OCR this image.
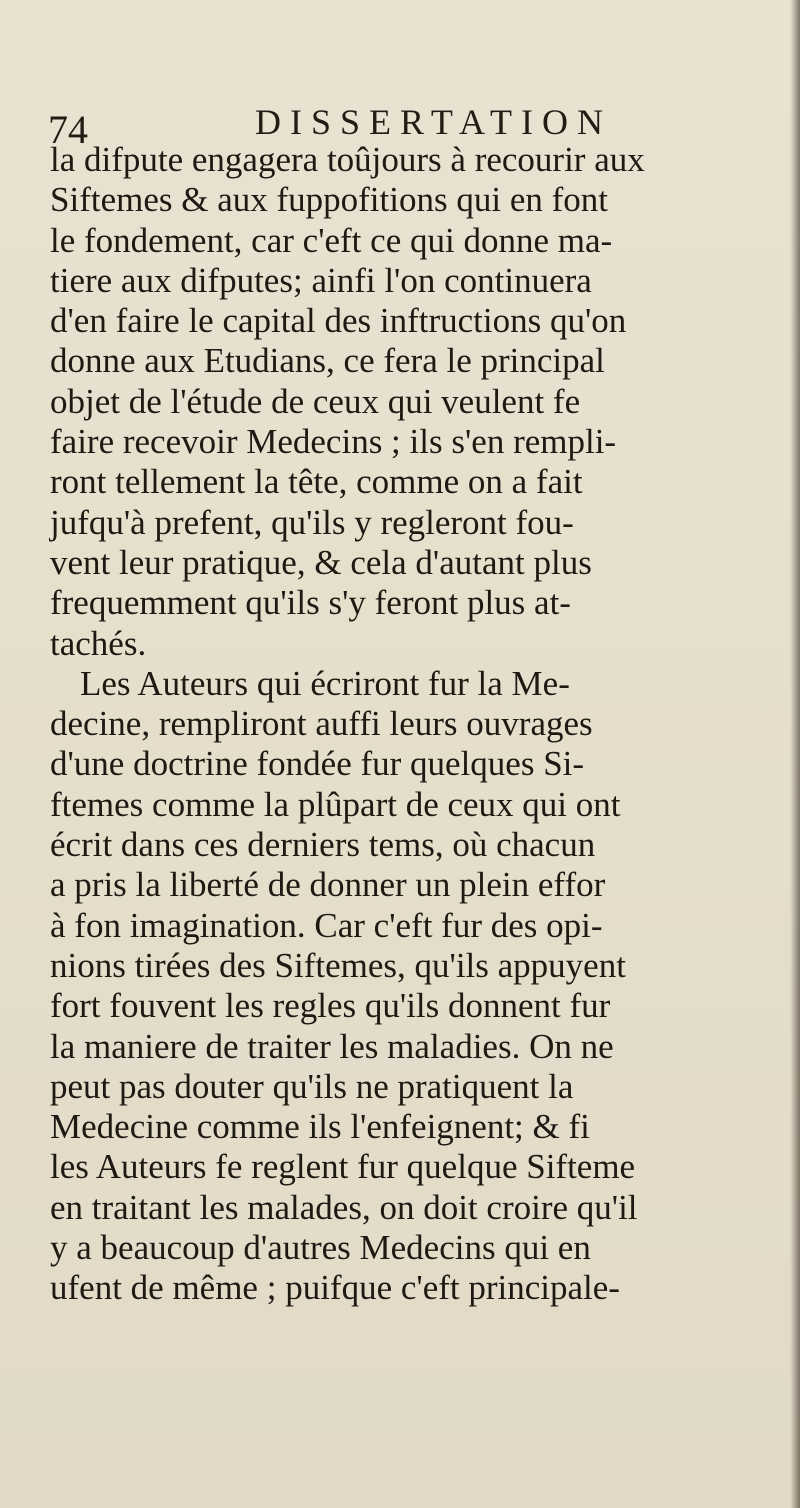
74	DISSERTATION
la difpute engagera toûjours à recourir aux
Siftemes & aux fuppofitions qui en font
le fondement, car c'eft ce qui donne ma-
tiere aux difputes; ainfi l'on continuera
d'en faire le capital des inftructions qu'on
donne aux Etudians, ce fera le principal
objet de l'étude de ceux qui veulent fe
faire recevoir Medecins ; ils s'en rempli-
ront tellement la tête, comme on a fait
jufqu'à prefent, qu'ils y regleront fou-
vent leur pratique, & cela d'autant plus
frequemment qu'ils s'y feront plus at-
tachés.
Les Auteurs qui écriront fur la Me-
decine, rempliront auffi leurs ouvrages
d'une doctrine fondée fur quelques Si-
ftemes comme la plûpart de ceux qui ont
écrit dans ces derniers tems, où chacun
a pris la liberté de donner un plein effor
à fon imagination. Car c'eft fur des opi-
nions tirées des Siftemes, qu'ils appuyent
fort fouvent les regles qu'ils donnent fur
la maniere de traiter les maladies. On ne
peut pas douter qu'ils ne pratiquent la
Medecine comme ils l'enfeignent; & fi
les Auteurs fe reglent fur quelque Sifteme
en traitant les malades, on doit croire qu'il
y a beaucoup d'autres Medecins qui en
ufent de même ; puifque c'eft principale-
